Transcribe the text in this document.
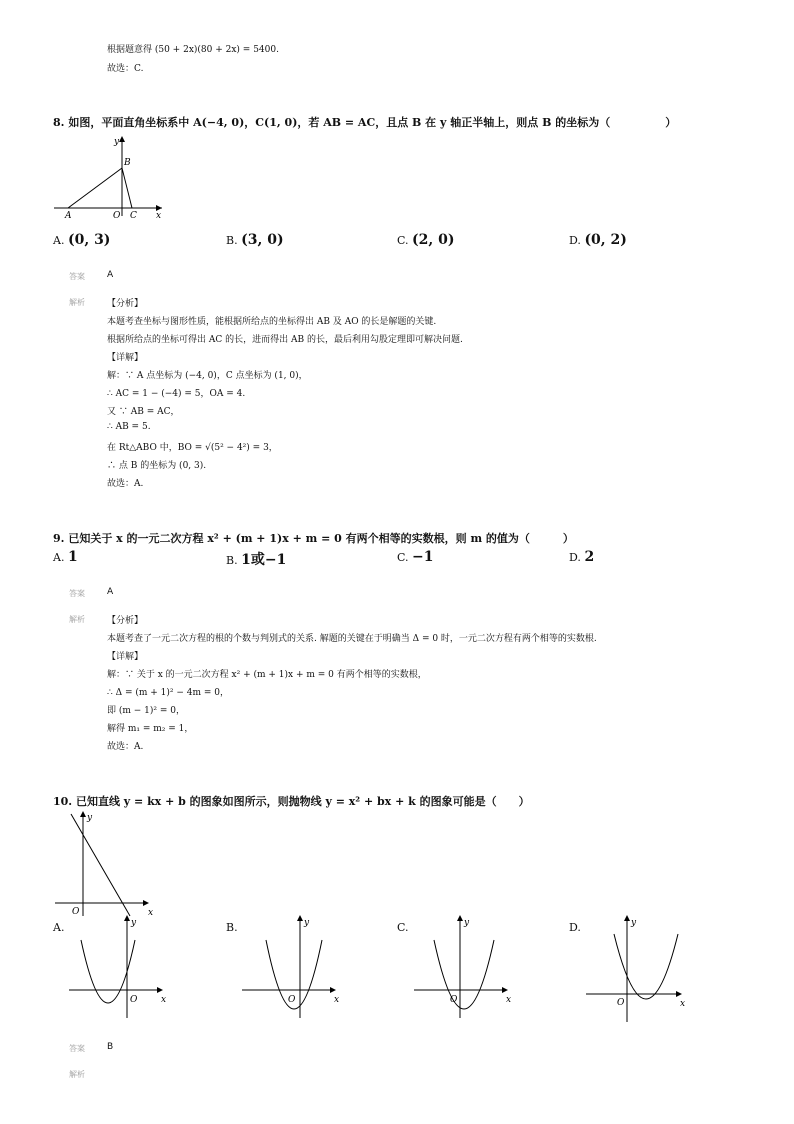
根据题意得 (50 + 2x)(80 + 2x) = 5400.
故选：C.
8. 如图，平面直角坐标系中 A(−4, 0)，C(1, 0)，若 AB = AC，且点 B 在 y 轴正半轴上，则点 B 的坐标为（　　　　　）
y
B
A	O C x
A. (0, 3)	B. (3, 0)	C. (2, 0)	D. (0, 2)
答案 A
解析 【分析】
本题考查坐标与图形性质，能根据所给点的坐标得出 AB 及 AO 的长是解题的关键.
根据所给点的坐标可得出 AC 的长，进而得出 AB 的长，最后利用勾股定理即可解决问题.
【详解】
解：∵ A 点坐标为 (−4, 0)，C 点坐标为 (1, 0)，
∴ AC = 1 − (−4) = 5，OA = 4.
又 ∵ AB = AC，
∴ AB = 5.
在 Rt△ABO 中，BO = √(5² − 4²) = 3，
∴ 点 B 的坐标为 (0, 3).
故选：A.
9. 已知关于 x 的一元二次方程 x² + (m + 1)x + m = 0 有两个相等的实数根，则 m 的值为（　　　）
A. 1	B. 1或−1	C. −1	D. 2
答案 A
解析 【分析】
本题考查了一元二次方程的根的个数与判别式的关系. 解题的关键在于明确当 Δ = 0 时，一元二次方程有两个相等的实数根.
【详解】
解：∵ 关于 x 的一元二次方程 x² + (m + 1)x + m = 0 有两个相等的实数根，
∴ Δ = (m + 1)² − 4m = 0，
即 (m − 1)² = 0，
解得 m₁ = m₂ = 1，
故选：A.
10. 已知直线 y = kx + b 的图象如图所示，则抛物线 y = x² + bx + k 的图象可能是（　　）
y
O	x
A.	y
O	x
B.	y
O	x
C.	y
O	x
D.	y
O	x
答案 B
解析
